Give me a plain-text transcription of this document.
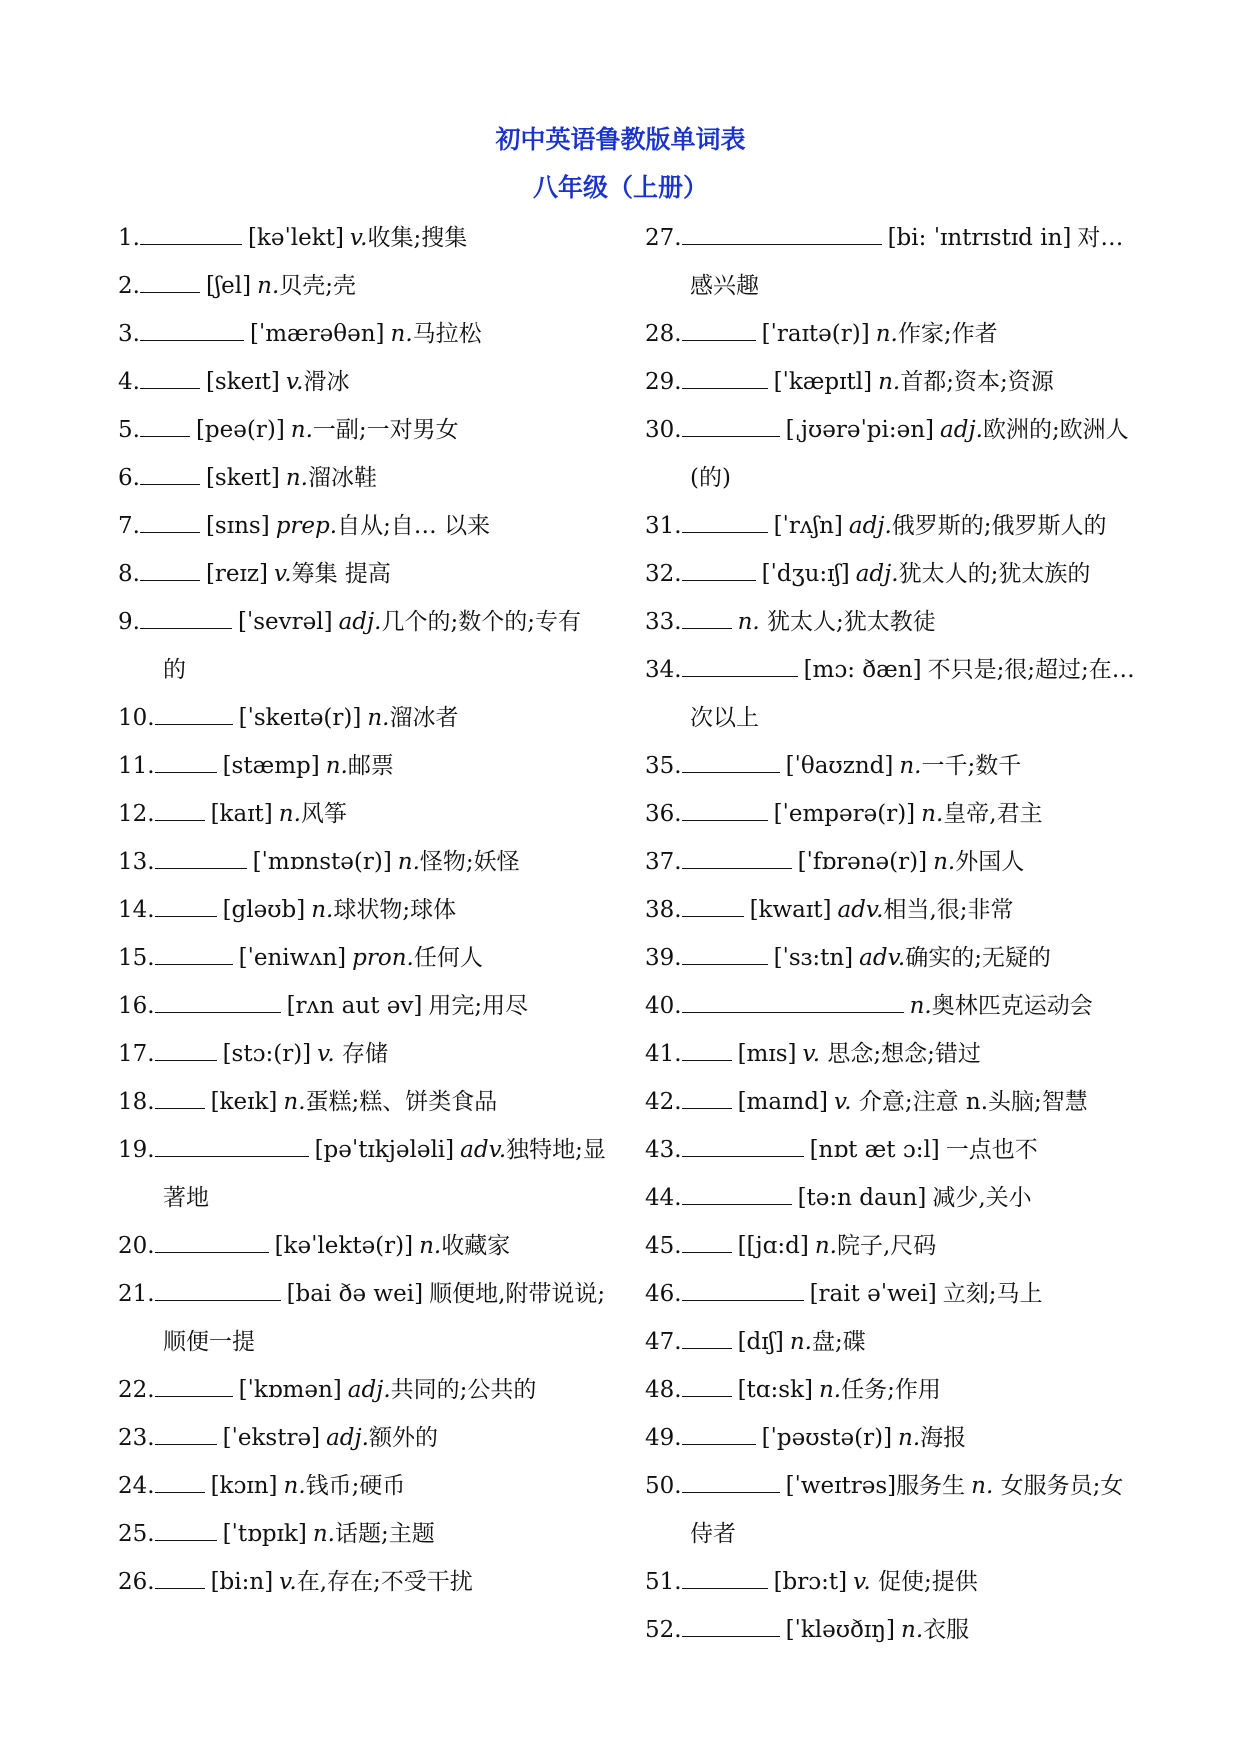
初中英语鲁教版单词表
八年级（上册）
1.	[kəˈlekt] v.收集;搜集
2.	[ʃel] n.贝壳;壳
3.	[ˈmærəθən] n.马拉松
4.	[skeɪt] v.滑冰
5. [peə(r)] n.一副;一对男女
6.	[skeɪt] n.溜冰鞋
7.	[sɪns] prep.自从;自… 以来
8.	[reɪz] v.筹集 提高
9.	[ˈsevrəl] adj.几个的;数个的;专有
的
10.	[ˈskeɪtə(r)] n.溜冰者
11.	[stæmp] n.邮票
12. [kaɪt] n.风筝
13.	[ˈmɒnstə(r)] n.怪物;妖怪
14.	[gləʊb] n.球状物;球体
15.	[ˈeniwʌn] pron.任何人
16.	[rʌn aut əv] 用完;用尽
17.	[stɔ:(r)] v. 存储
18. [keɪk] n.蛋糕;糕、饼类食品
19.	[pəˈtɪkjələli] adv.独特地;显
著地
20.	[kəˈlektə(r)] n.收藏家
21.	[bai ðə wei] 顺便地,附带说说;
顺便一提
22.	[ˈkɒmən] adj.共同的;公共的
23.	[ˈekstrə] adj.额外的
24. [kɔɪn] n.钱币;硬币
25.	[ˈtɒpɪk] n.话题;主题
26. [bi:n] v.在,存在;不受干扰
27.	[bi: ˈɪntrɪstɪd in] 对…
感兴趣
28.	[ˈraɪtə(r)] n.作家;作者
29.	[ˈkæpɪtl] n.首都;资本;资源
30.	[ˌjʊərəˈpi:ən] adj.欧洲的;欧洲人
(的)
31.	[ˈrʌʃn] adj.俄罗斯的;俄罗斯人的
32.	[ˈdʒu:ɪʃ] adj.犹太人的;犹太族的
33. n. 犹太人;犹太教徒
34.	[mɔ: ðæn] 不只是;很;超过;在…
次以上
35.	[ˈθaʊznd] n.一千;数千
36.	[ˈempərə(r)] n.皇帝,君主
37.	[ˈfɒrənə(r)] n.外国人
38.	[kwaɪt] adv.相当,很;非常
39.	[ˈsɜ:tn] adv.确实的;无疑的
40.	n.奥林匹克运动会
41. [mɪs] v. 思念;想念;错过
42. [maɪnd] v. 介意;注意 n.头脑;智慧
43.	[nɒt æt ɔ:l] 一点也不
44.	[tə:n daun] 减少,关小
45. [[jɑ:d] n.院子,尺码
46.	[rait əˈwei] 立刻;马上
47. [dɪʃ] n.盘;碟
48. [tɑ:sk] n.任务;作用
49.	[ˈpəʊstə(r)] n.海报
50.	[ˈweɪtrəs]服务生 n. 女服务员;女
侍者
51.	[brɔ:t] v. 促使;提供
52.	[ˈkləʊðɪŋ] n.衣服
